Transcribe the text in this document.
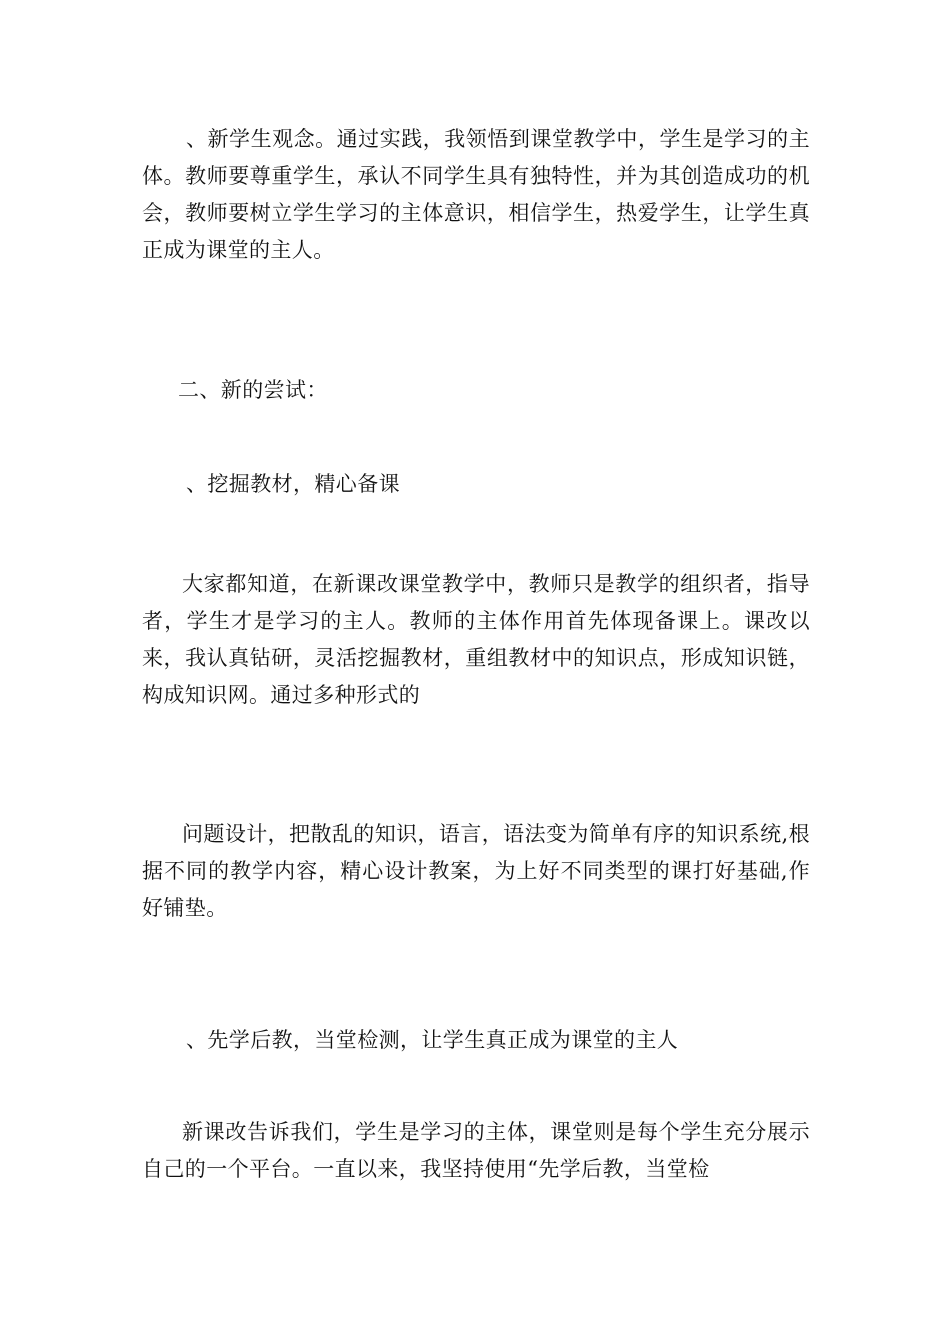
、新学生观念。通过实践，我领悟到课堂教学中，学生是学习的主体。教师要尊重学生，承认不同学生具有独特性，并为其创造成功的机会，教师要树立学生学习的主体意识，相信学生，热爱学生，让学生真正成为课堂的主人。

二、新的尝试：

、挖掘教材，精心备课

大家都知道，在新课改课堂教学中，教师只是教学的组织者，指导者，学生才是学习的主人。教师的主体作用首先体现备课上。课改以来，我认真钻研，灵活挖掘教材，重组教材中的知识点，形成知识链，构成知识网。通过多种形式的

问题设计，把散乱的知识，语言，语法变为简单有序的知识系统,根据不同的教学内容，精心设计教案，为上好不同类型的课打好基础,作好铺垫。

、先学后教，当堂检测，让学生真正成为课堂的主人

新课改告诉我们，学生是学习的主体，课堂则是每个学生充分展示自己的一个平台。一直以来，我坚持使用“先学后教，当堂检
